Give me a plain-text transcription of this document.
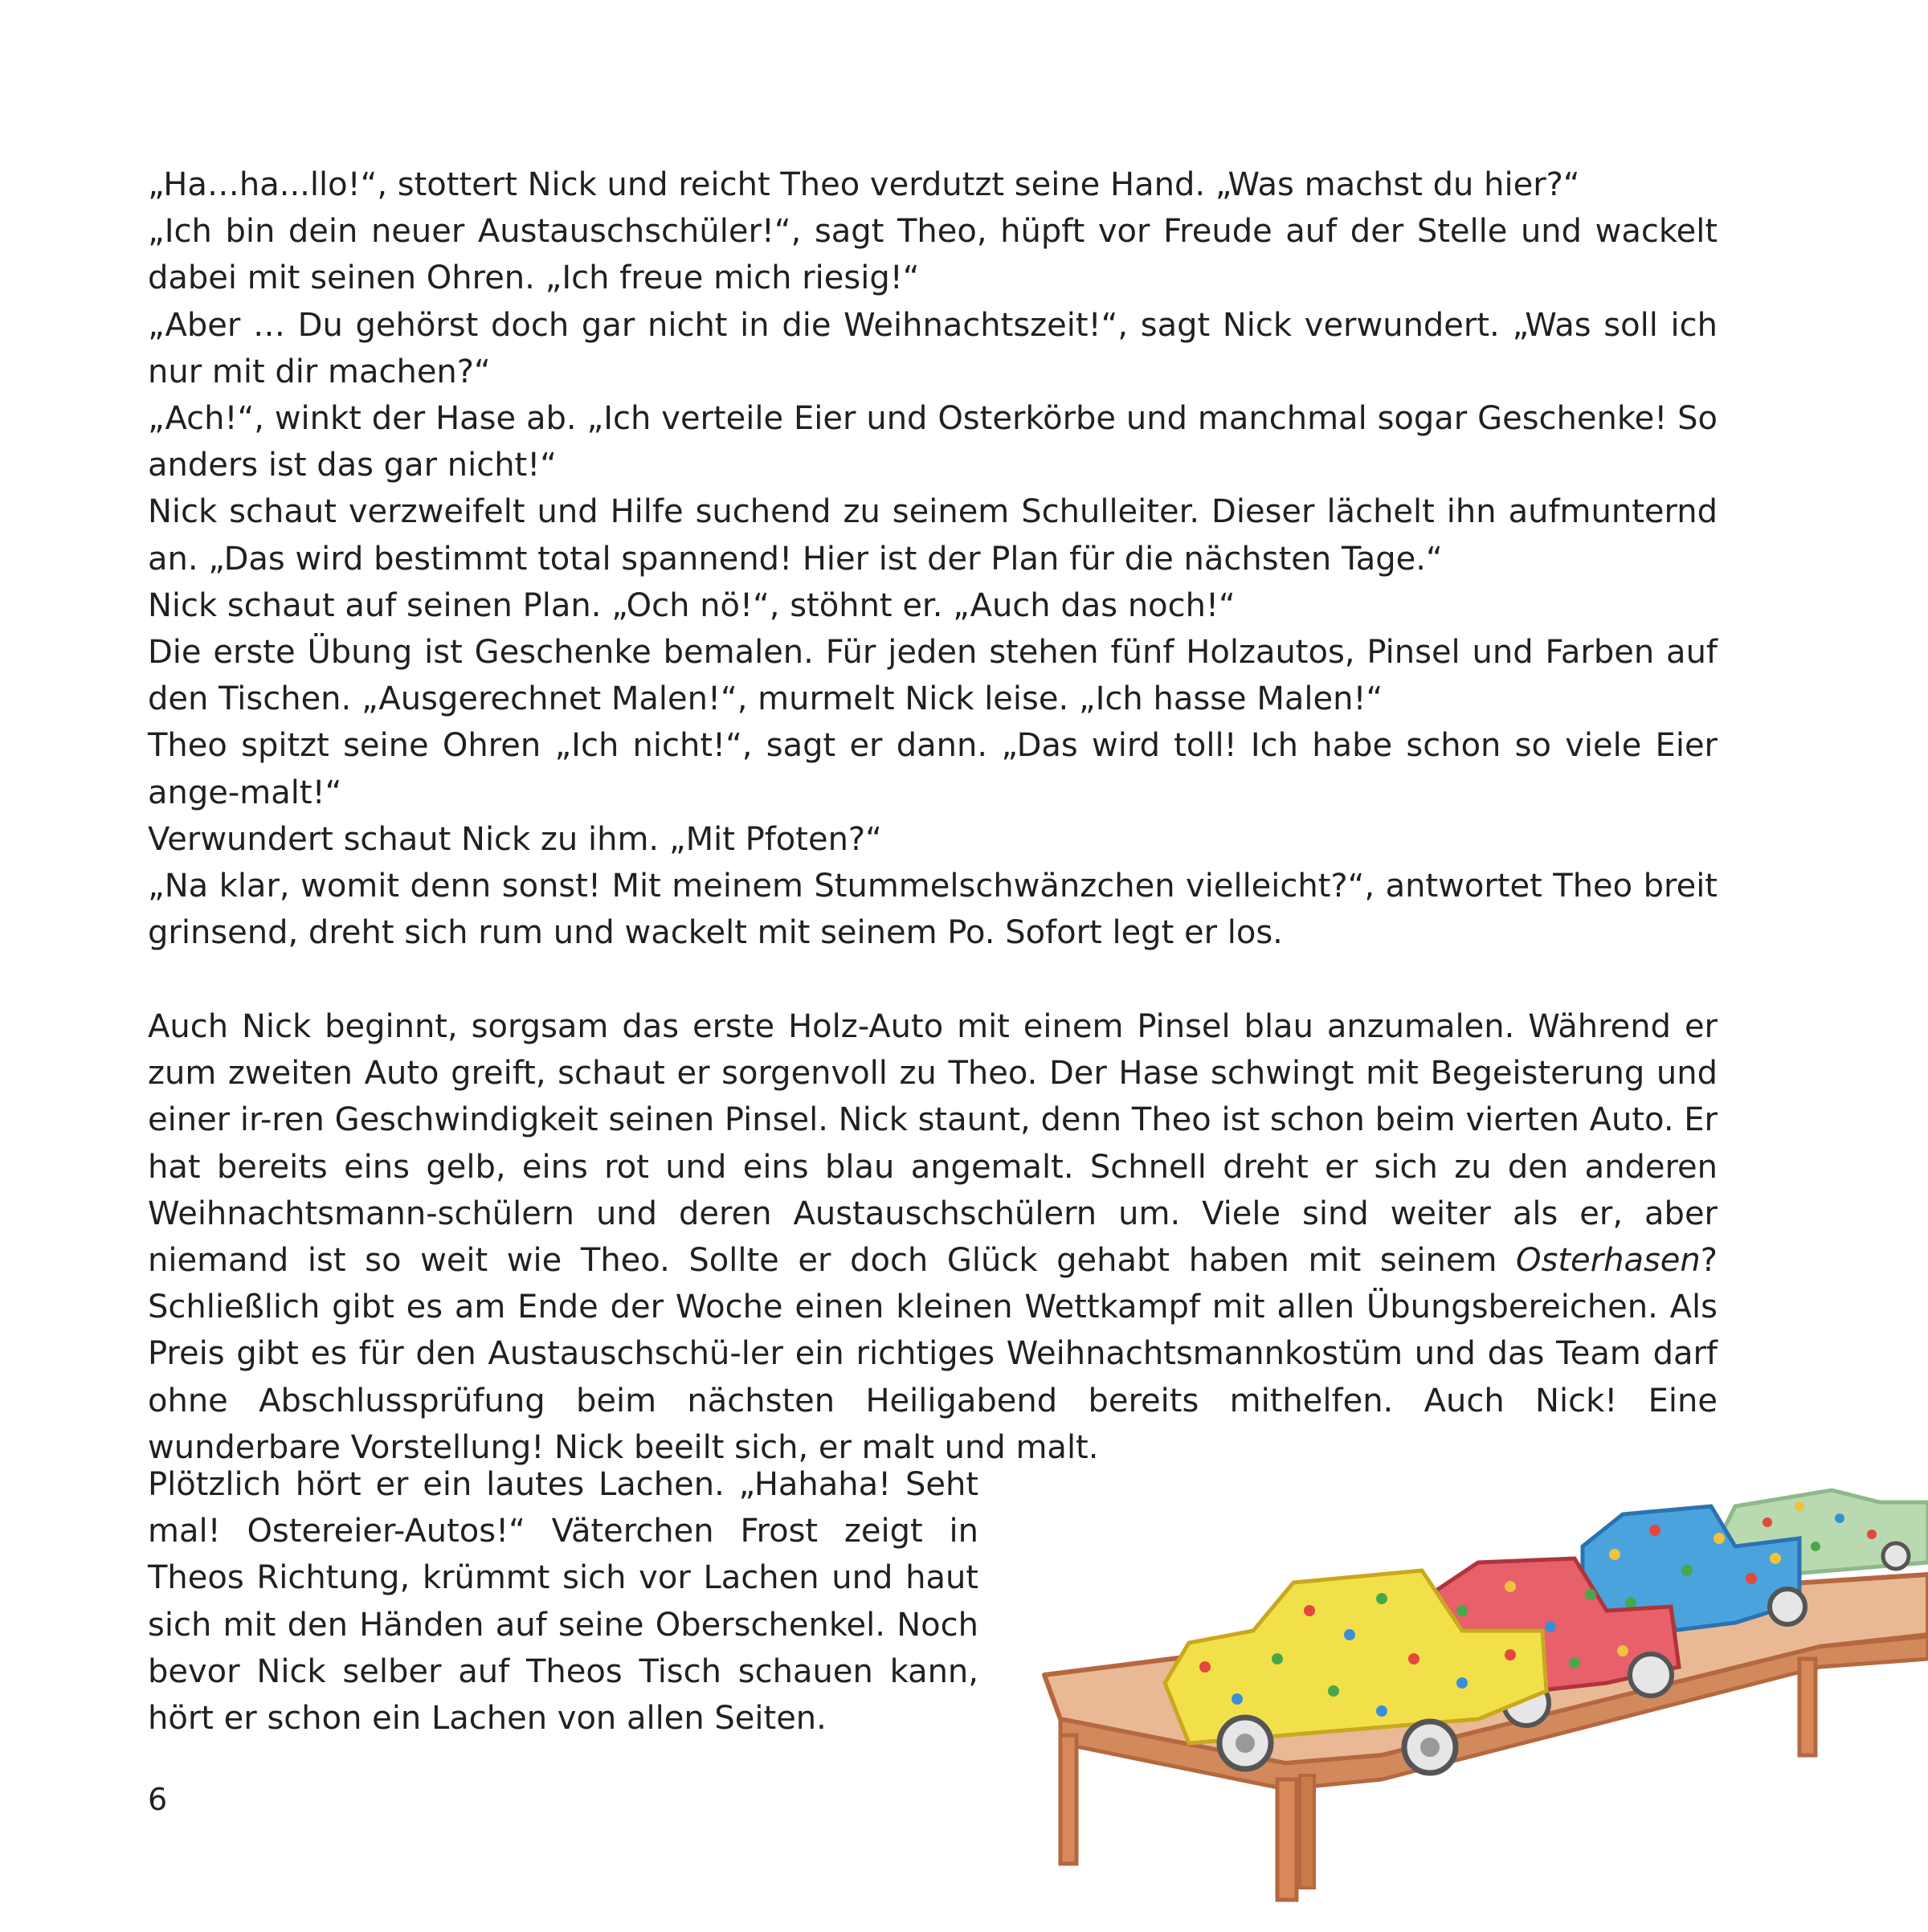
„Ha…ha...llo!“, stottert Nick und reicht Theo verdutzt seine Hand. „Was machst du hier?“

„Ich bin dein neuer Austauschschüler!“, sagt Theo, hüpft vor Freude auf der Stelle und wackelt dabei mit seinen Ohren. „Ich freue mich riesig!“

„Aber … Du gehörst doch gar nicht in die Weihnachtszeit!“, sagt Nick verwundert. „Was soll ich nur mit dir machen?“

„Ach!“, winkt der Hase ab. „Ich verteile Eier und Osterkörbe und manchmal sogar Geschenke! So anders ist das gar nicht!“

Nick schaut verzweifelt und Hilfe suchend zu seinem Schulleiter. Dieser lächelt ihn aufmunternd an. „Das wird bestimmt total spannend! Hier ist der Plan für die nächsten Tage.“

Nick schaut auf seinen Plan. „Och nö!“, stöhnt er. „Auch das noch!“

Die erste Übung ist Geschenke bemalen. Für jeden stehen fünf Holzautos, Pinsel und Farben auf den Tischen. „Ausgerechnet Malen!“, murmelt Nick leise. „Ich hasse Malen!“

Theo spitzt seine Ohren „Ich nicht!“, sagt er dann. „Das wird toll! Ich habe schon so viele Eier ange-malt!“

Verwundert schaut Nick zu ihm. „Mit Pfoten?“

„Na klar, womit denn sonst! Mit meinem Stummelschwänzchen vielleicht?“, antwortet Theo breit grinsend, dreht sich rum und wackelt mit seinem Po. Sofort legt er los.

Auch Nick beginnt, sorgsam das erste Holz-Auto mit einem Pinsel blau anzumalen. Während er zum zweiten Auto greift, schaut er sorgenvoll zu Theo. Der Hase schwingt mit Begeisterung und einer ir-ren Geschwindigkeit seinen Pinsel. Nick staunt, denn Theo ist schon beim vierten Auto. Er hat bereits eins gelb, eins rot und eins blau angemalt. Schnell dreht er sich zu den anderen Weihnachtsmann-schülern und deren Austauschschülern um. Viele sind weiter als er, aber niemand ist so weit wie Theo. Sollte er doch Glück gehabt haben mit seinem Osterhasen? Schließlich gibt es am Ende der Woche einen kleinen Wettkampf mit allen Übungsbereichen. Als Preis gibt es für den Austauschschü-ler ein richtiges Weihnachtsmannkostüm und das Team darf ohne Abschlussprüfung beim nächsten Heiligabend bereits mithelfen. Auch Nick! Eine wunderbare Vorstellung! Nick beeilt sich, er malt und malt.

Plötzlich hört er ein lautes Lachen. „Hahaha! Seht mal! Ostereier-Autos!“ Väterchen Frost zeigt in Theos Richtung, krümmt sich vor Lachen und haut sich mit den Händen auf seine Oberschenkel. Noch bevor Nick selber auf Theos Tisch schauen kann, hört er schon ein Lachen von allen Seiten.

6
